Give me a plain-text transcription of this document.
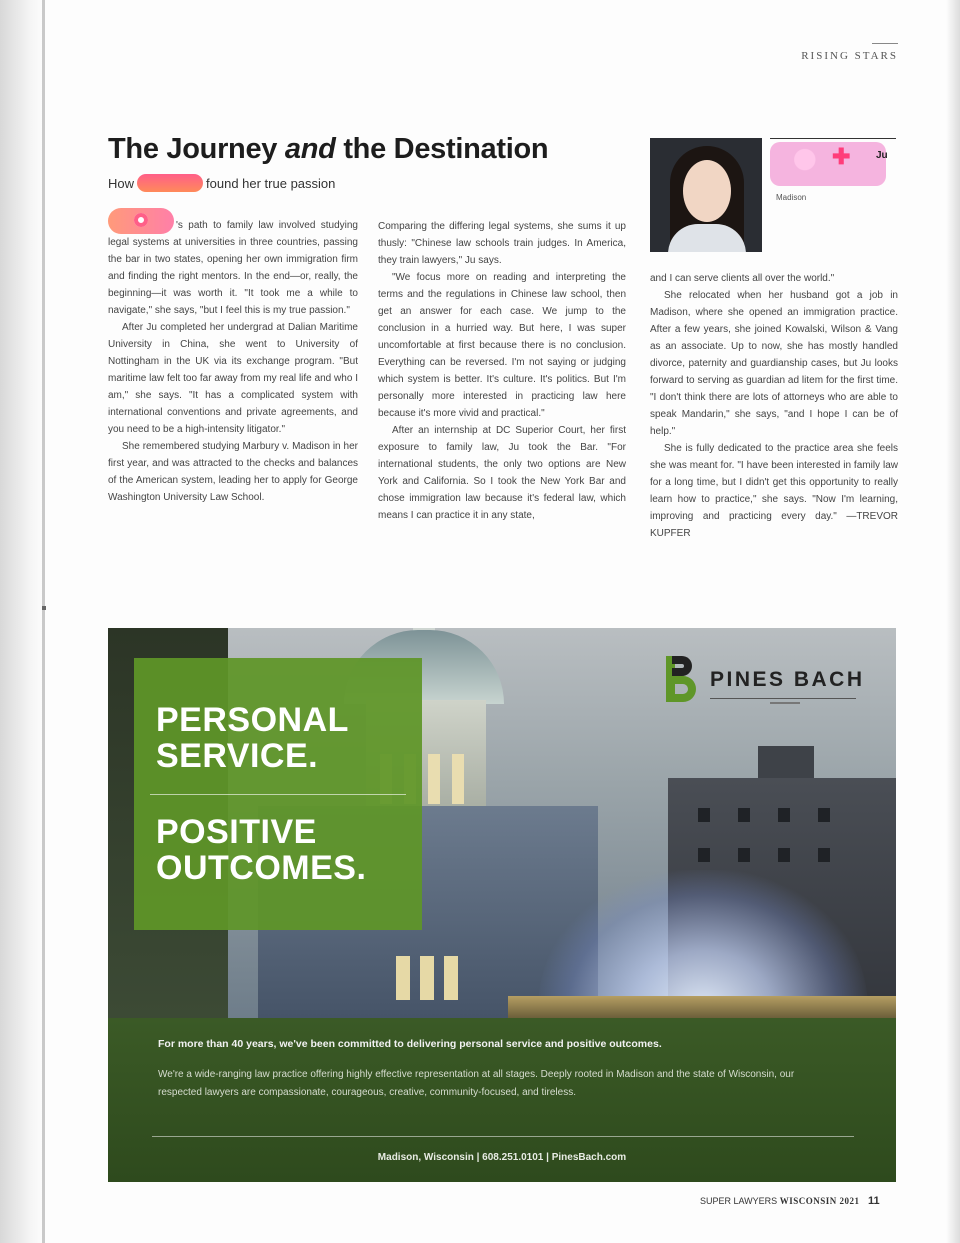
RISING STARS
The Journey and the Destination
How	found her true passion

's path to family law involved studying legal systems at universities in three countries, passing the bar in two states, opening her own immigration firm and finding the right mentors. In the end—or, really, the beginning—it was worth it. "It took me a while to navigate," she says, "but I feel this is my true passion."

After Ju completed her undergrad at Dalian Maritime University in China, she went to University of Nottingham in the UK via its exchange program. "But maritime law felt too far away from my real life and who I am," she says. "It has a complicated system with international conventions and private agreements, and you need to be a high-intensity litigator."

She remembered studying Marbury v. Madison in her first year, and was attracted to the checks and balances of the American system, leading her to apply for George Washington University Law School.

Comparing the differing legal systems, she sums it up thusly: "Chinese law schools train judges. In America, they train lawyers," Ju says.

"We focus more on reading and interpreting the terms and the regulations in Chinese law school, then get an answer for each case. We jump to the conclusion in a hurried way. But here, I was super uncomfortable at first because there is no conclusion. Everything can be reversed. I'm not saying or judging which system is better. It's culture. It's politics. But I'm personally more interested in practicing law here because it's more vivid and practical."

After an internship at DC Superior Court, her first exposure to family law, Ju took the Bar. "For international students, the only two options are New York and California. So I took the New York Bar and chose immigration law because it's federal law, which means I can practice it in any state,

✚	Ju
Madison

and I can serve clients all over the world."

She relocated when her husband got a job in Madison, where she opened an immigration practice. After a few years, she joined Kowalski, Wilson & Vang as an associate. Up to now, she has mostly handled divorce, paternity and guardianship cases, but Ju looks forward to serving as guardian ad litem for the first time. "I don't think there are lots of attorneys who are able to speak Mandarin," she says, "and I hope I can be of help."

She is fully dedicated to the practice area she feels she was meant for. "I have been interested in family law for a long time, but I didn't get this opportunity to really learn how to practice," she says. "Now I'm learning, improving and practicing every day." —TREVOR KUPFER

PERSONAL
SERVICE.
POSITIVE
OUTCOMES.
PINES BACH

For more than 40 years, we've been committed to delivering personal service and positive outcomes.

We're a wide-ranging law practice offering highly effective representation at all stages. Deeply rooted in Madison and the state of Wisconsin, our respected lawyers are compassionate, courageous, creative, community-focused, and tireless.

Madison, Wisconsin | 608.251.0101 | PinesBach.com

SUPER LAWYERS WISCONSIN 2021 11
